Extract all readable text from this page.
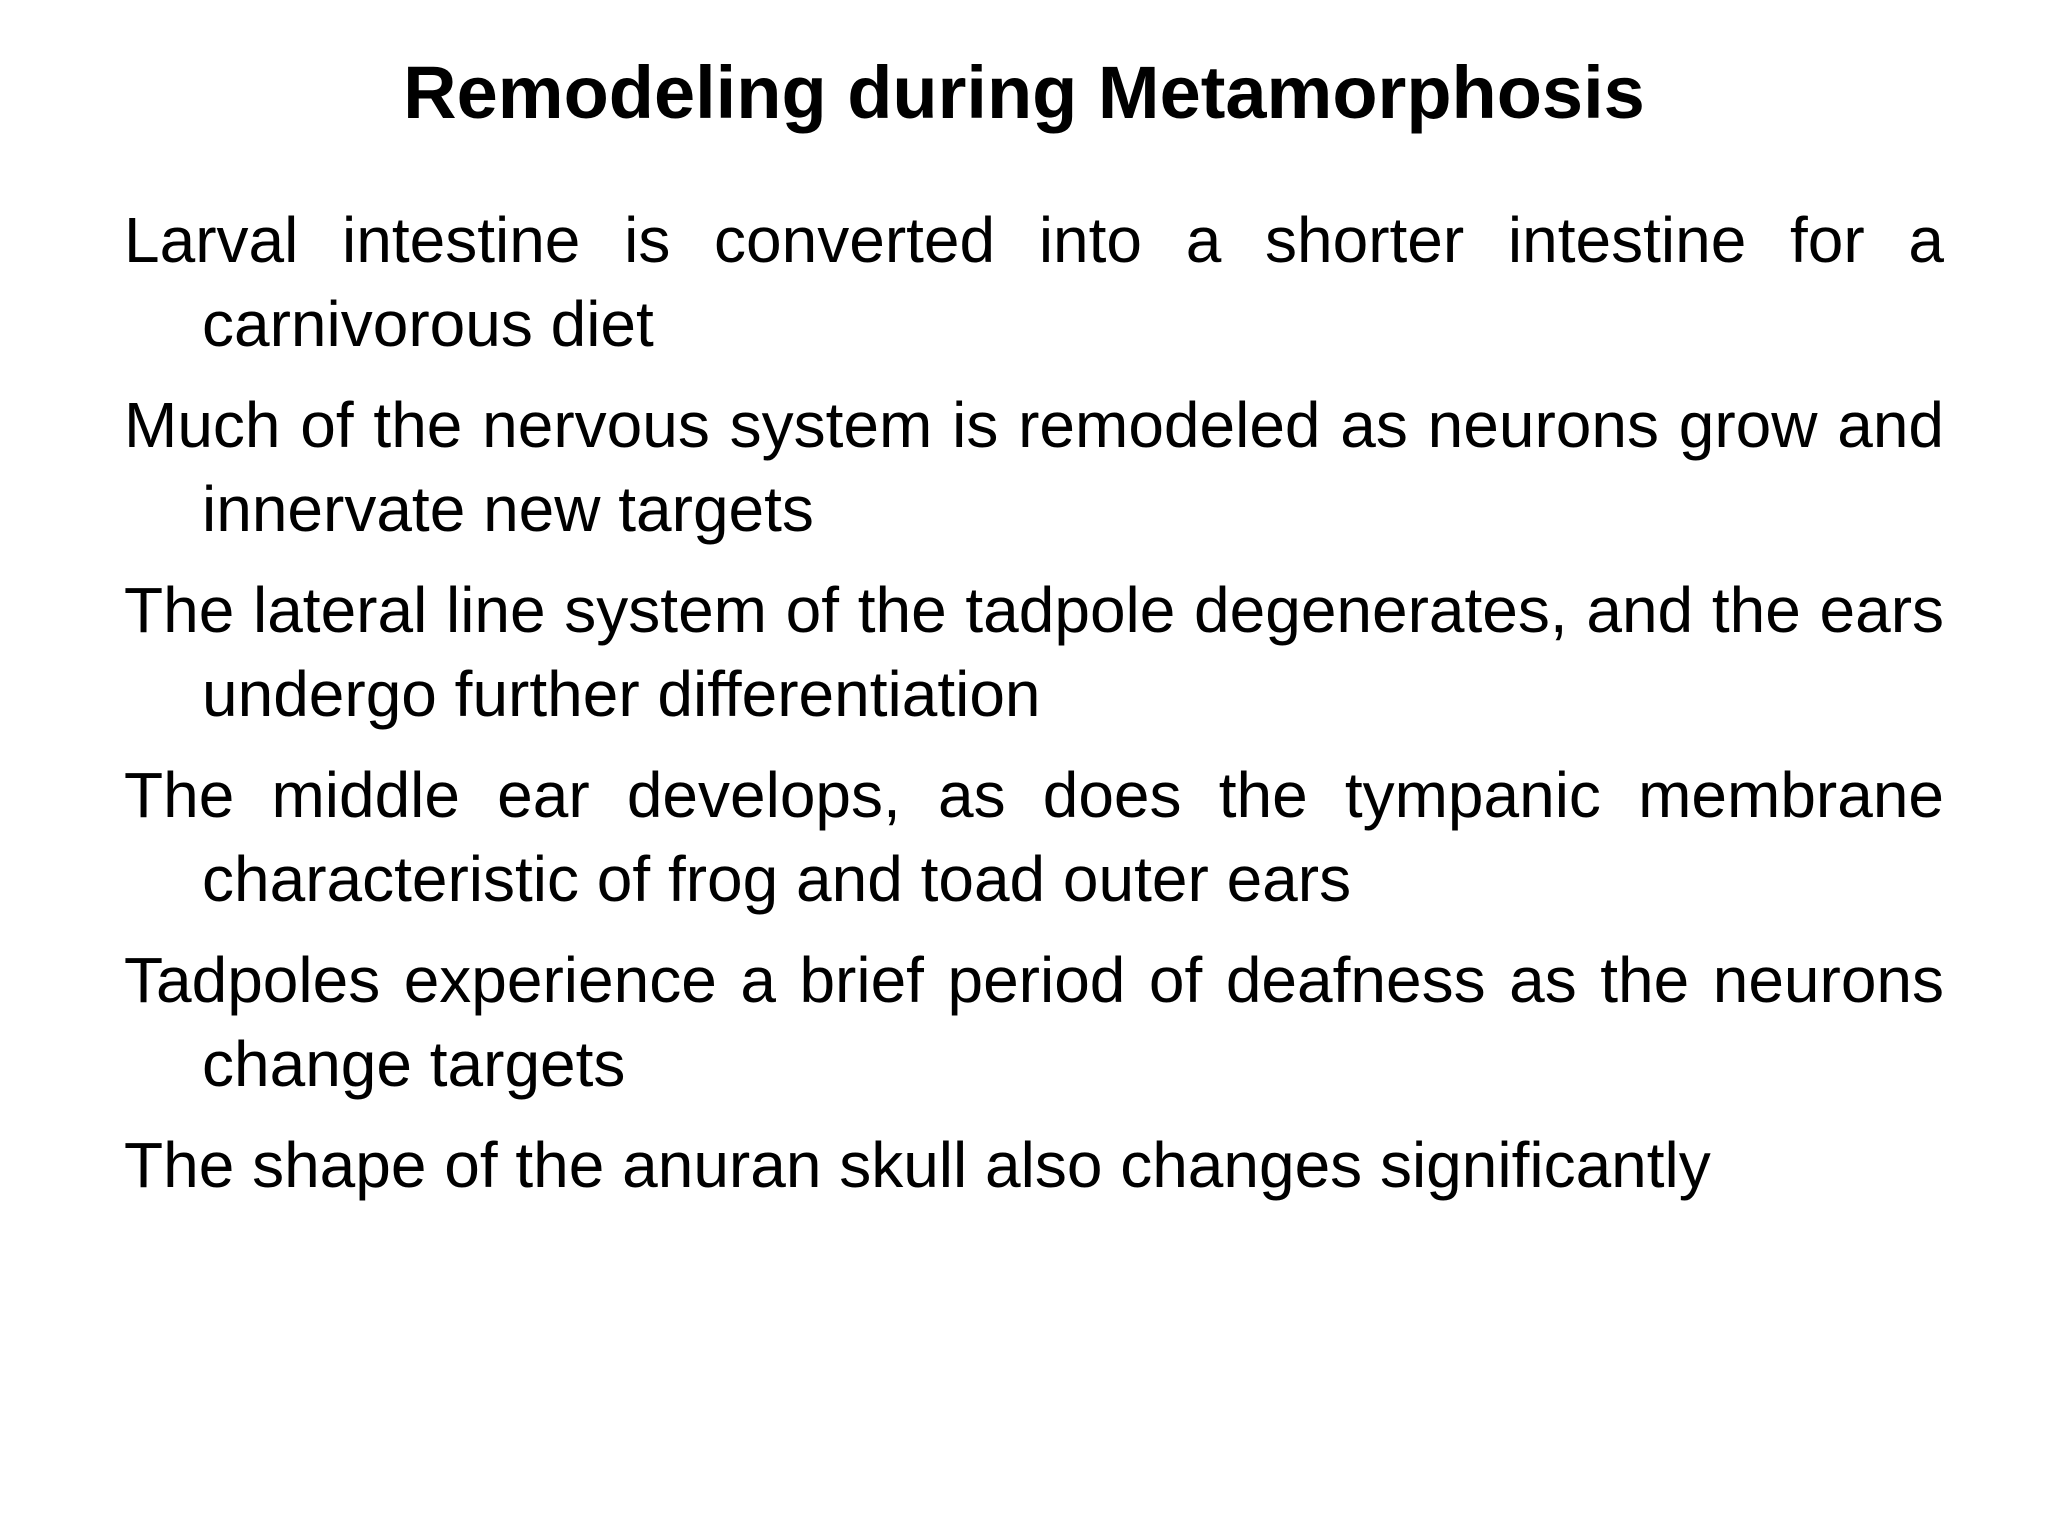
Remodeling during Metamorphosis
Larval intestine is converted into a shorter intestine for a carnivorous diet
Much of the nervous system is remodeled as neurons grow and innervate new targets
The lateral line system of the tadpole degenerates, and the ears undergo further differentiation
The middle ear develops, as does the tympanic membrane characteristic of frog and toad outer ears
Tadpoles experience a brief period of deafness as the neurons change targets
The shape of the anuran skull also changes significantly
